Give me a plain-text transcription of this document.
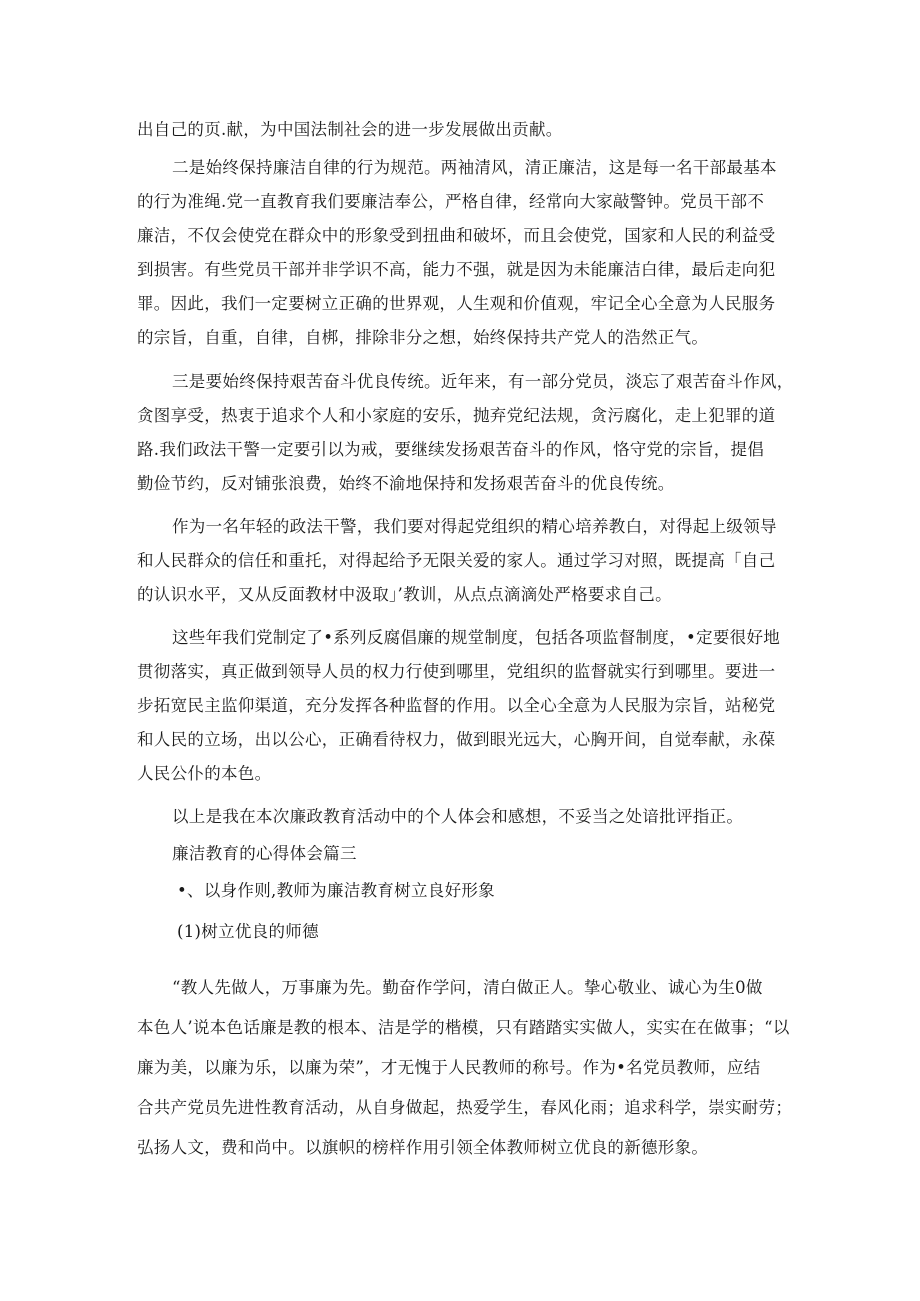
出自己的页.献，为中国法制社会的进一步发展做出贡献。
二是始终保持廉洁自律的行为规范。两袖清风，清正廉洁，这是每一名干部最基本
的行为准绳.党一直教育我们要廉洁奉公，严格自律，经常向大家敲警钟。党员干部不
廉洁，不仅会使党在群众中的形象受到扭曲和破坏，而且会使党，国家和人民的利益受
到损害。有些党员干部并非学识不高，能力不强，就是因为未能廉洁白律，最后走向犯
罪。因此，我们一定要树立正确的世界观，人生观和价值观，牢记全心全意为人民服务
的宗旨，自重，自律，自梆，排除非分之想，始终保持共产党人的浩然正气。
三是要始终保持艰苦奋斗优良传统。近年来，有一部分党员，淡忘了艰苦奋斗作风，
贪图享受，热衷于追求个人和小家庭的安乐，抛弃党纪法规，贪污腐化，走上犯罪的道
路.我们政法干警一定要引以为戒，要继续发扬艰苦奋斗的作风，恪守党的宗旨，提倡
勤俭节约，反对铺张浪费，始终不渝地保持和发扬艰苦奋斗的优良传统。
作为一名年轻的政法干警，我们要对得起党组织的精心培养教白，对得起上级领导
和人民群众的信任和重托，对得起给予无限关爱的家人。通过学习对照，既提高「自己
的认识水平，又从反面教材中汲取」’教训，从点点滴滴处严格要求自己。
这些年我们党制定了•系列反腐倡廉的规堂制度，包括各项监督制度，•定要很好地
贯彻落实，真正做到领导人员的权力行使到哪里，党组织的监督就实行到哪里。要进一
步拓宽民主监仰渠道，充分发挥各种监督的作用。以全心全意为人民服为宗旨，站秘党
和人民的立场，出以公心，正确看待权力，做到眼光远大，心胸开间，自觉奉献，永葆
人民公仆的本色。
以上是我在本次廉政教育活动中的个人体会和感想，不妥当之处谙批评指正。
廉洁教育的心得体会篇三
•、以身作则,教师为廉洁教育树立良好形象
(1)树立优良的师德
“教人先做人，万事廉为先。勤奋作学问，清白做正人。挚心敬业、诚心为生0做
本色人’说本色话廉是教的根本、洁是学的楷模，只有踏踏实实做人，实实在在做事；“以
廉为美，以廉为乐，以廉为荣”，才无愧于人民教师的称号。作为•名党员教师，应结
合共产党员先进性教育活动，从自身做起，热爱学生，春风化雨；追求科学，崇实耐劳；
弘扬人文，费和尚中。以旗帜的榜样作用引领全体教师树立优良的新德形象。
